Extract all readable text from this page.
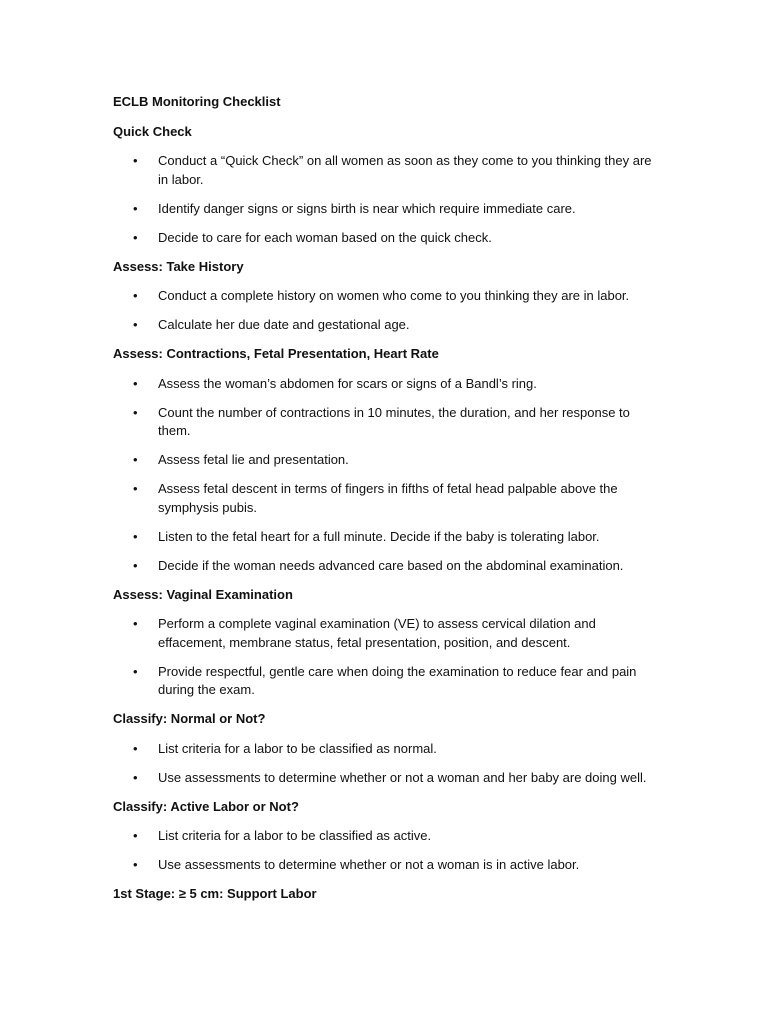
ECLB Monitoring Checklist
Quick Check
• Conduct a “Quick Check” on all women as soon as they come to you thinking they are in labor.
• Identify danger signs or signs birth is near which require immediate care.
• Decide to care for each woman based on the quick check.
Assess: Take History
• Conduct a complete history on women who come to you thinking they are in labor.
• Calculate her due date and gestational age.
Assess: Contractions, Fetal Presentation, Heart Rate
• Assess the woman’s abdomen for scars or signs of a Bandl’s ring.
• Count the number of contractions in 10 minutes, the duration, and her response to them.
• Assess fetal lie and presentation.
• Assess fetal descent in terms of fingers in fifths of fetal head palpable above the symphysis pubis.
• Listen to the fetal heart for a full minute. Decide if the baby is tolerating labor.
• Decide if the woman needs advanced care based on the abdominal examination.
Assess: Vaginal Examination
• Perform a complete vaginal examination (VE) to assess cervical dilation and effacement, membrane status, fetal presentation, position, and descent.
• Provide respectful, gentle care when doing the examination to reduce fear and pain during the exam.
Classify: Normal or Not?
• List criteria for a labor to be classified as normal.
• Use assessments to determine whether or not a woman and her baby are doing well.
Classify: Active Labor or Not?
• List criteria for a labor to be classified as active.
• Use assessments to determine whether or not a woman is in active labor.
1st Stage: ≥ 5 cm: Support Labor
